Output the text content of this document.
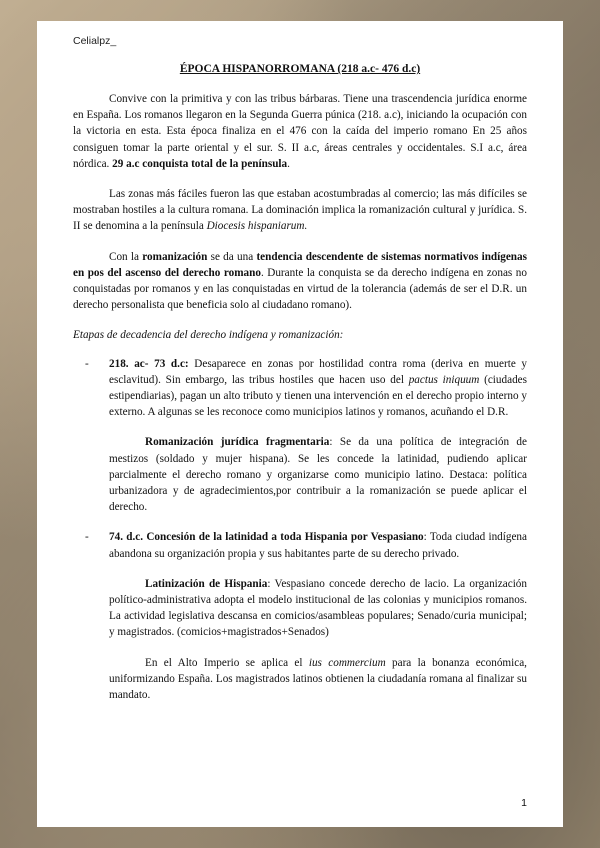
Celialpz_
ÉPOCA HISPANORROMANA (218 a.c- 476 d.c)

Convive con la primitiva y con las tribus bárbaras. Tiene una trascendencia jurídica enorme en España. Los romanos llegaron en la Segunda Guerra púnica (218. a.c), iniciando la ocupación con la victoria en esta. Esta época finaliza en el 476 con la caída del imperio romano En 25 años consiguen tomar la parte oriental y el sur. S. II a.c, áreas centrales y occidentales. S.I a.c, área nórdica. 29 a.c conquista total de la península.

Las zonas más fáciles fueron las que estaban acostumbradas al comercio; las más difíciles se mostraban hostiles a la cultura romana. La dominación implica la romanización cultural y jurídica. S. II se denomina a la península Diocesis hispaniarum.

Con la romanización se da una tendencia descendente de sistemas normativos indígenas en pos del ascenso del derecho romano. Durante la conquista se da derecho indígena en zonas no conquistadas por romanos y en las conquistadas en virtud de la tolerancia (además de ser el D.R. un derecho personalista que beneficia solo al ciudadano romano).

Etapas de decadencia del derecho indígena y romanización:

- 218. ac- 73 d.c: Desaparece en zonas por hostilidad contra roma (deriva en muerte y esclavitud). Sin embargo, las tribus hostiles que hacen uso del pactus iniquum (ciudades estipendiarias), pagan un alto tributo y tienen una intervención en el derecho propio interno y externo. A algunas se les reconoce como municipios latinos y romanos, acuñando el D.R.

Romanización jurídica fragmentaria: Se da una política de integración de mestizos (soldado y mujer hispana). Se les concede la latinidad, pudiendo aplicar parcialmente el derecho romano y organizarse como municipio latino. Destaca: política urbanizadora y de agradecimientos,por contribuir a la romanización se puede aplicar el derecho.

- 74. d.c. Concesión de la latinidad a toda Hispania por Vespasiano: Toda ciudad indígena abandona su organización propia y sus habitantes parte de su derecho privado.

Latinización de Hispania: Vespasiano concede derecho de lacio. La organización político-administrativa adopta el modelo institucional de las colonias y municipios romanos. La actividad legislativa descansa en comicios/asambleas populares; Senado/curia municipal; y magistrados. (comicios+magistrados+Senados)

En el Alto Imperio se aplica el ius commercium para la bonanza económica, uniformizando España. Los magistrados latinos obtienen la ciudadanía romana al finalizar su mandato.

1
